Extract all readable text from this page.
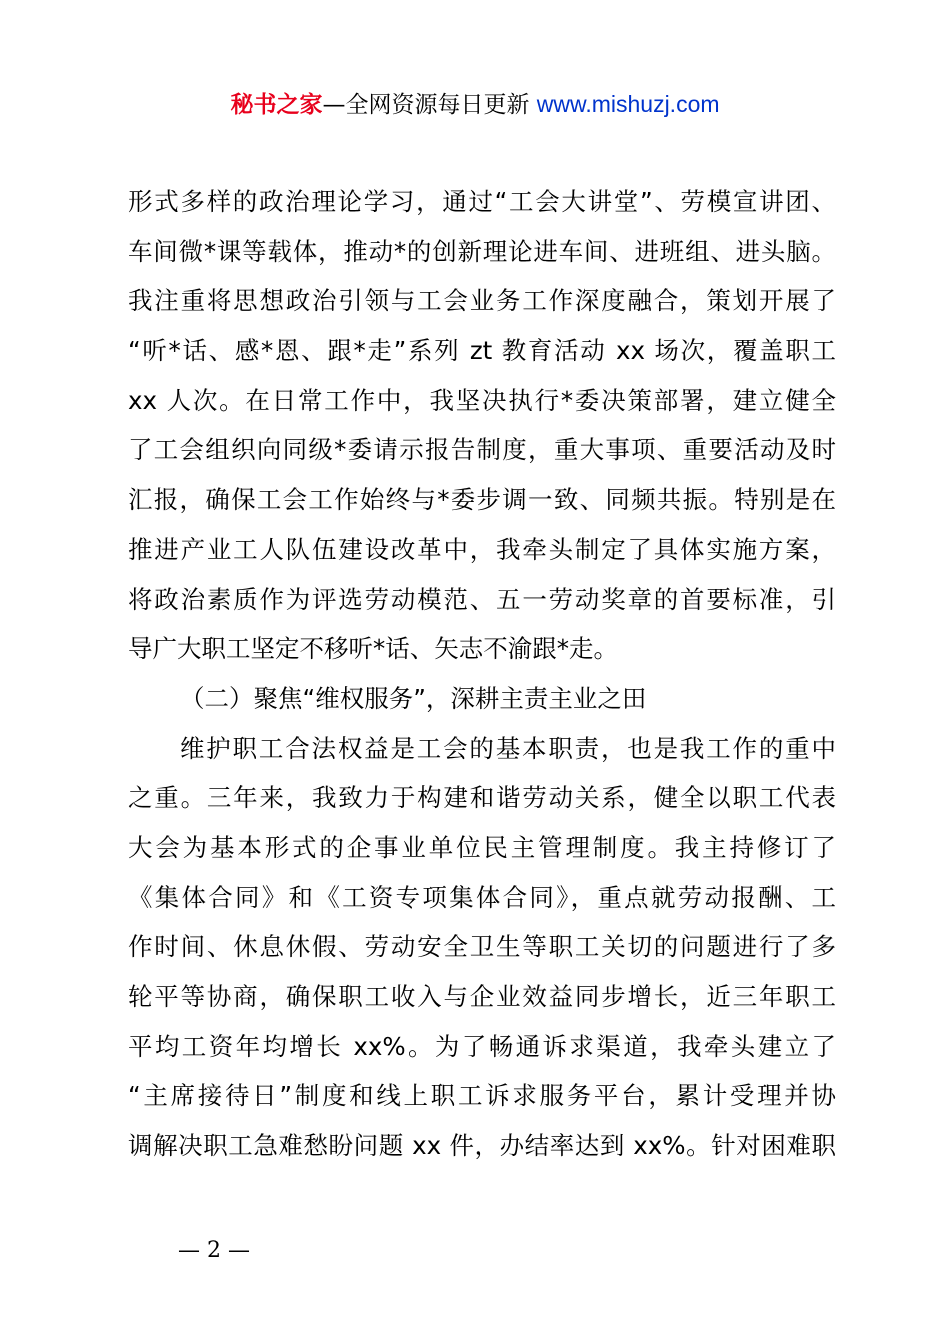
秘书之家—全网资源每日更新 www.mishuzj.com
形式多样的政治理论学习，通过“工会大讲堂”、劳模宣讲团、
车间微*课等载体，推动*的创新理论进车间、进班组、进头脑。
我注重将思想政治引领与工会业务工作深度融合，策划开展了
“听*话、感*恩、跟*走”系列 zt 教育活动 xx 场次，覆盖职工
xx 人次。在日常工作中，我坚决执行*委决策部署，建立健全
了工会组织向同级*委请示报告制度，重大事项、重要活动及时
汇报，确保工会工作始终与*委步调一致、同频共振。特别是在
推进产业工人队伍建设改革中，我牵头制定了具体实施方案，
将政治素质作为评选劳动模范、五一劳动奖章的首要标准，引
导广大职工坚定不移听*话、矢志不渝跟*走。
（二）聚焦“维权服务”，深耕主责主业之田
维护职工合法权益是工会的基本职责，也是我工作的重中
之重。三年来，我致力于构建和谐劳动关系，健全以职工代表
大会为基本形式的企事业单位民主管理制度。我主持修订了
《集体合同》和《工资专项集体合同》，重点就劳动报酬、工
作时间、休息休假、劳动安全卫生等职工关切的问题进行了多
轮平等协商，确保职工收入与企业效益同步增长，近三年职工
平均工资年均增长 xx%。为了畅通诉求渠道，我牵头建立了
“主席接待日”制度和线上职工诉求服务平台，累计受理并协
调解决职工急难愁盼问题 xx 件，办结率达到 xx%。针对困难职
— 2 —
